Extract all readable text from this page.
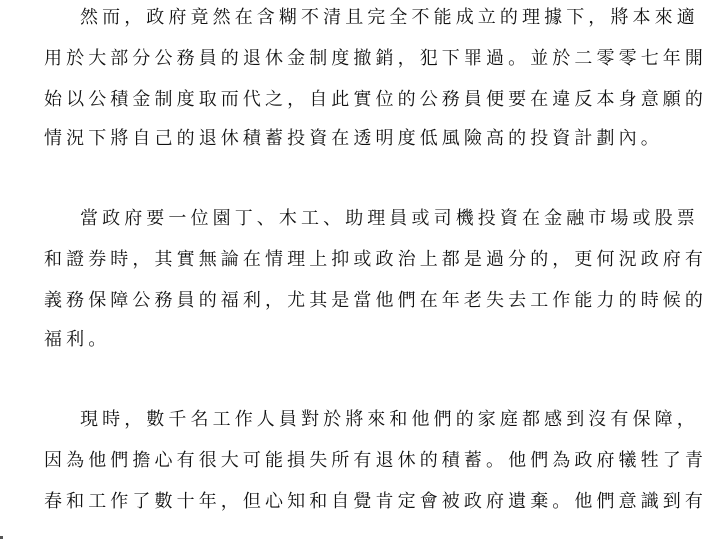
然而，政府竟然在含糊不清且完全不能成立的理據下，將本來適
用於大部分公務員的退休金制度撤銷，犯下罪過。並於二零零七年開
始以公積金制度取而代之，自此實位的公務員便要在違反本身意願的
情況下將自己的退休積蓄投資在透明度低風險高的投資計劃內。
當政府要一位園丁、木工、助理員或司機投資在金融市場或股票
和證券時，其實無論在情理上抑或政治上都是過分的，更何況政府有
義務保障公務員的福利，尤其是當他們在年老失去工作能力的時候的
福利。
現時，數千名工作人員對於將來和他們的家庭都感到沒有保障，
因為他們擔心有很大可能損失所有退休的積蓄。他們為政府犧牲了青
春和工作了數十年，但心知和自覺肯定會被政府遺棄。他們意識到有
